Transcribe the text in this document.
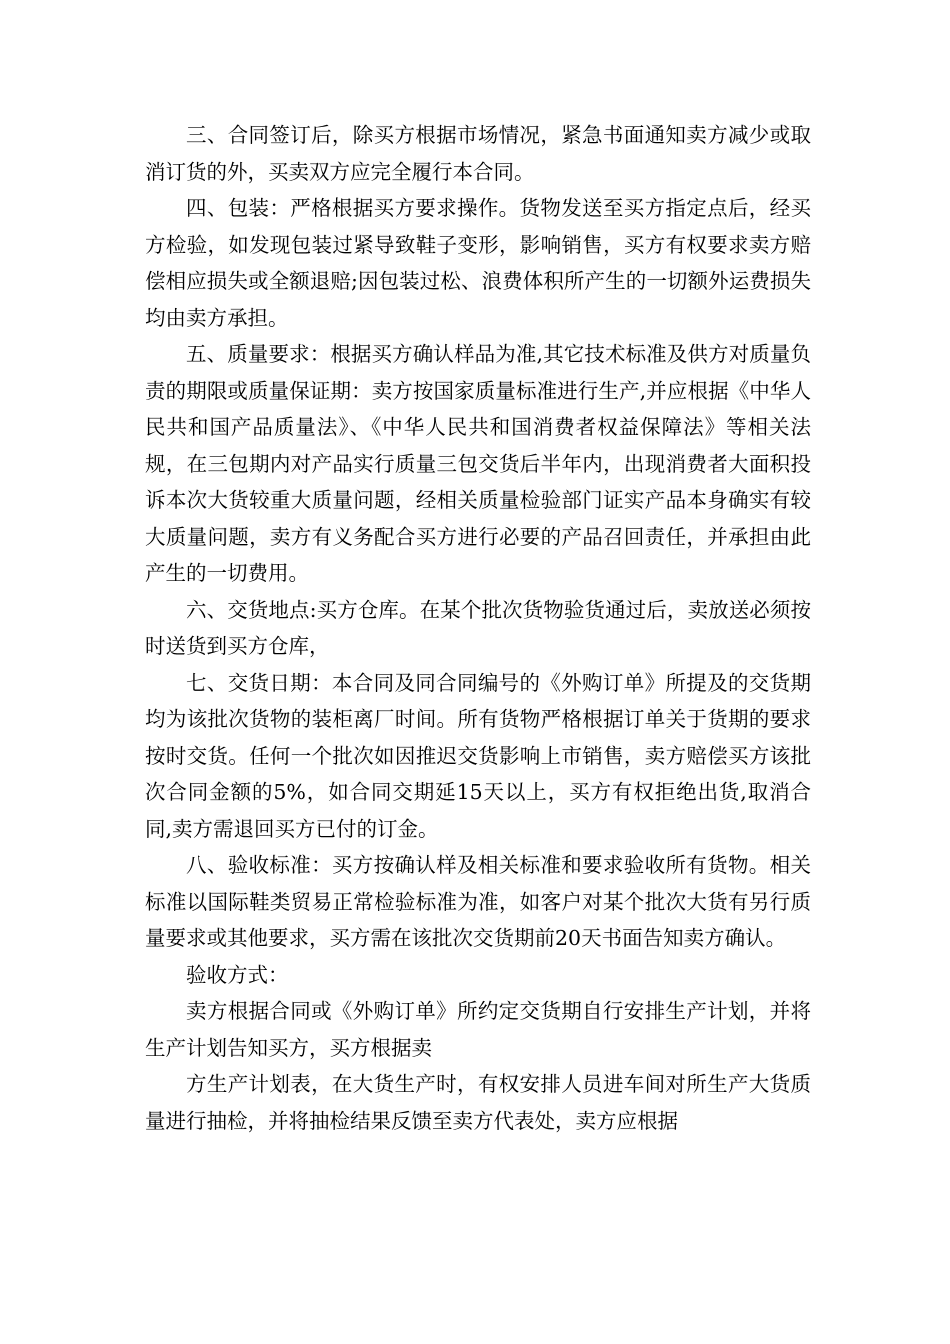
三、合同签订后，除买方根据市场情况，紧急书面通知卖方减少或取消订货的外，买卖双方应完全履行本合同。

四、包装：严格根据买方要求操作。货物发送至买方指定点后，经买方检验，如发现包装过紧导致鞋子变形，影响销售，买方有权要求卖方赔偿相应损失或全额退赔;因包装过松、浪费体积所产生的一切额外运费损失均由卖方承担。

五、质量要求：根据买方确认样品为准,其它技术标准及供方对质量负责的期限或质量保证期：卖方按国家质量标准进行生产,并应根据《中华人民共和国产品质量法》、《中华人民共和国消费者权益保障法》等相关法规，在三包期内对产品实行质量三包交货后半年内，出现消费者大面积投诉本次大货较重大质量问题，经相关质量检验部门证实产品本身确实有较大质量问题，卖方有义务配合买方进行必要的产品召回责任，并承担由此产生的一切费用。

六、交货地点:买方仓库。在某个批次货物验货通过后，卖放送必须按时送货到买方仓库，

七、交货日期：本合同及同合同编号的《外购订单》所提及的交货期均为该批次货物的装柜离厂时间。所有货物严格根据订单关于货期的要求按时交货。任何一个批次如因推迟交货影响上市销售，卖方赔偿买方该批次合同金额的5%，如合同交期延15天以上，买方有权拒绝出货,取消合同,卖方需退回买方已付的订金。

八、验收标准：买方按确认样及相关标准和要求验收所有货物。相关标准以国际鞋类贸易正常检验标准为准，如客户对某个批次大货有另行质量要求或其他要求，买方需在该批次交货期前20天书面告知卖方确认。

验收方式：

卖方根据合同或《外购订单》所约定交货期自行安排生产计划，并将生产计划告知买方，买方根据卖

方生产计划表，在大货生产时，有权安排人员进车间对所生产大货质量进行抽检，并将抽检结果反馈至卖方代表处，卖方应根据
